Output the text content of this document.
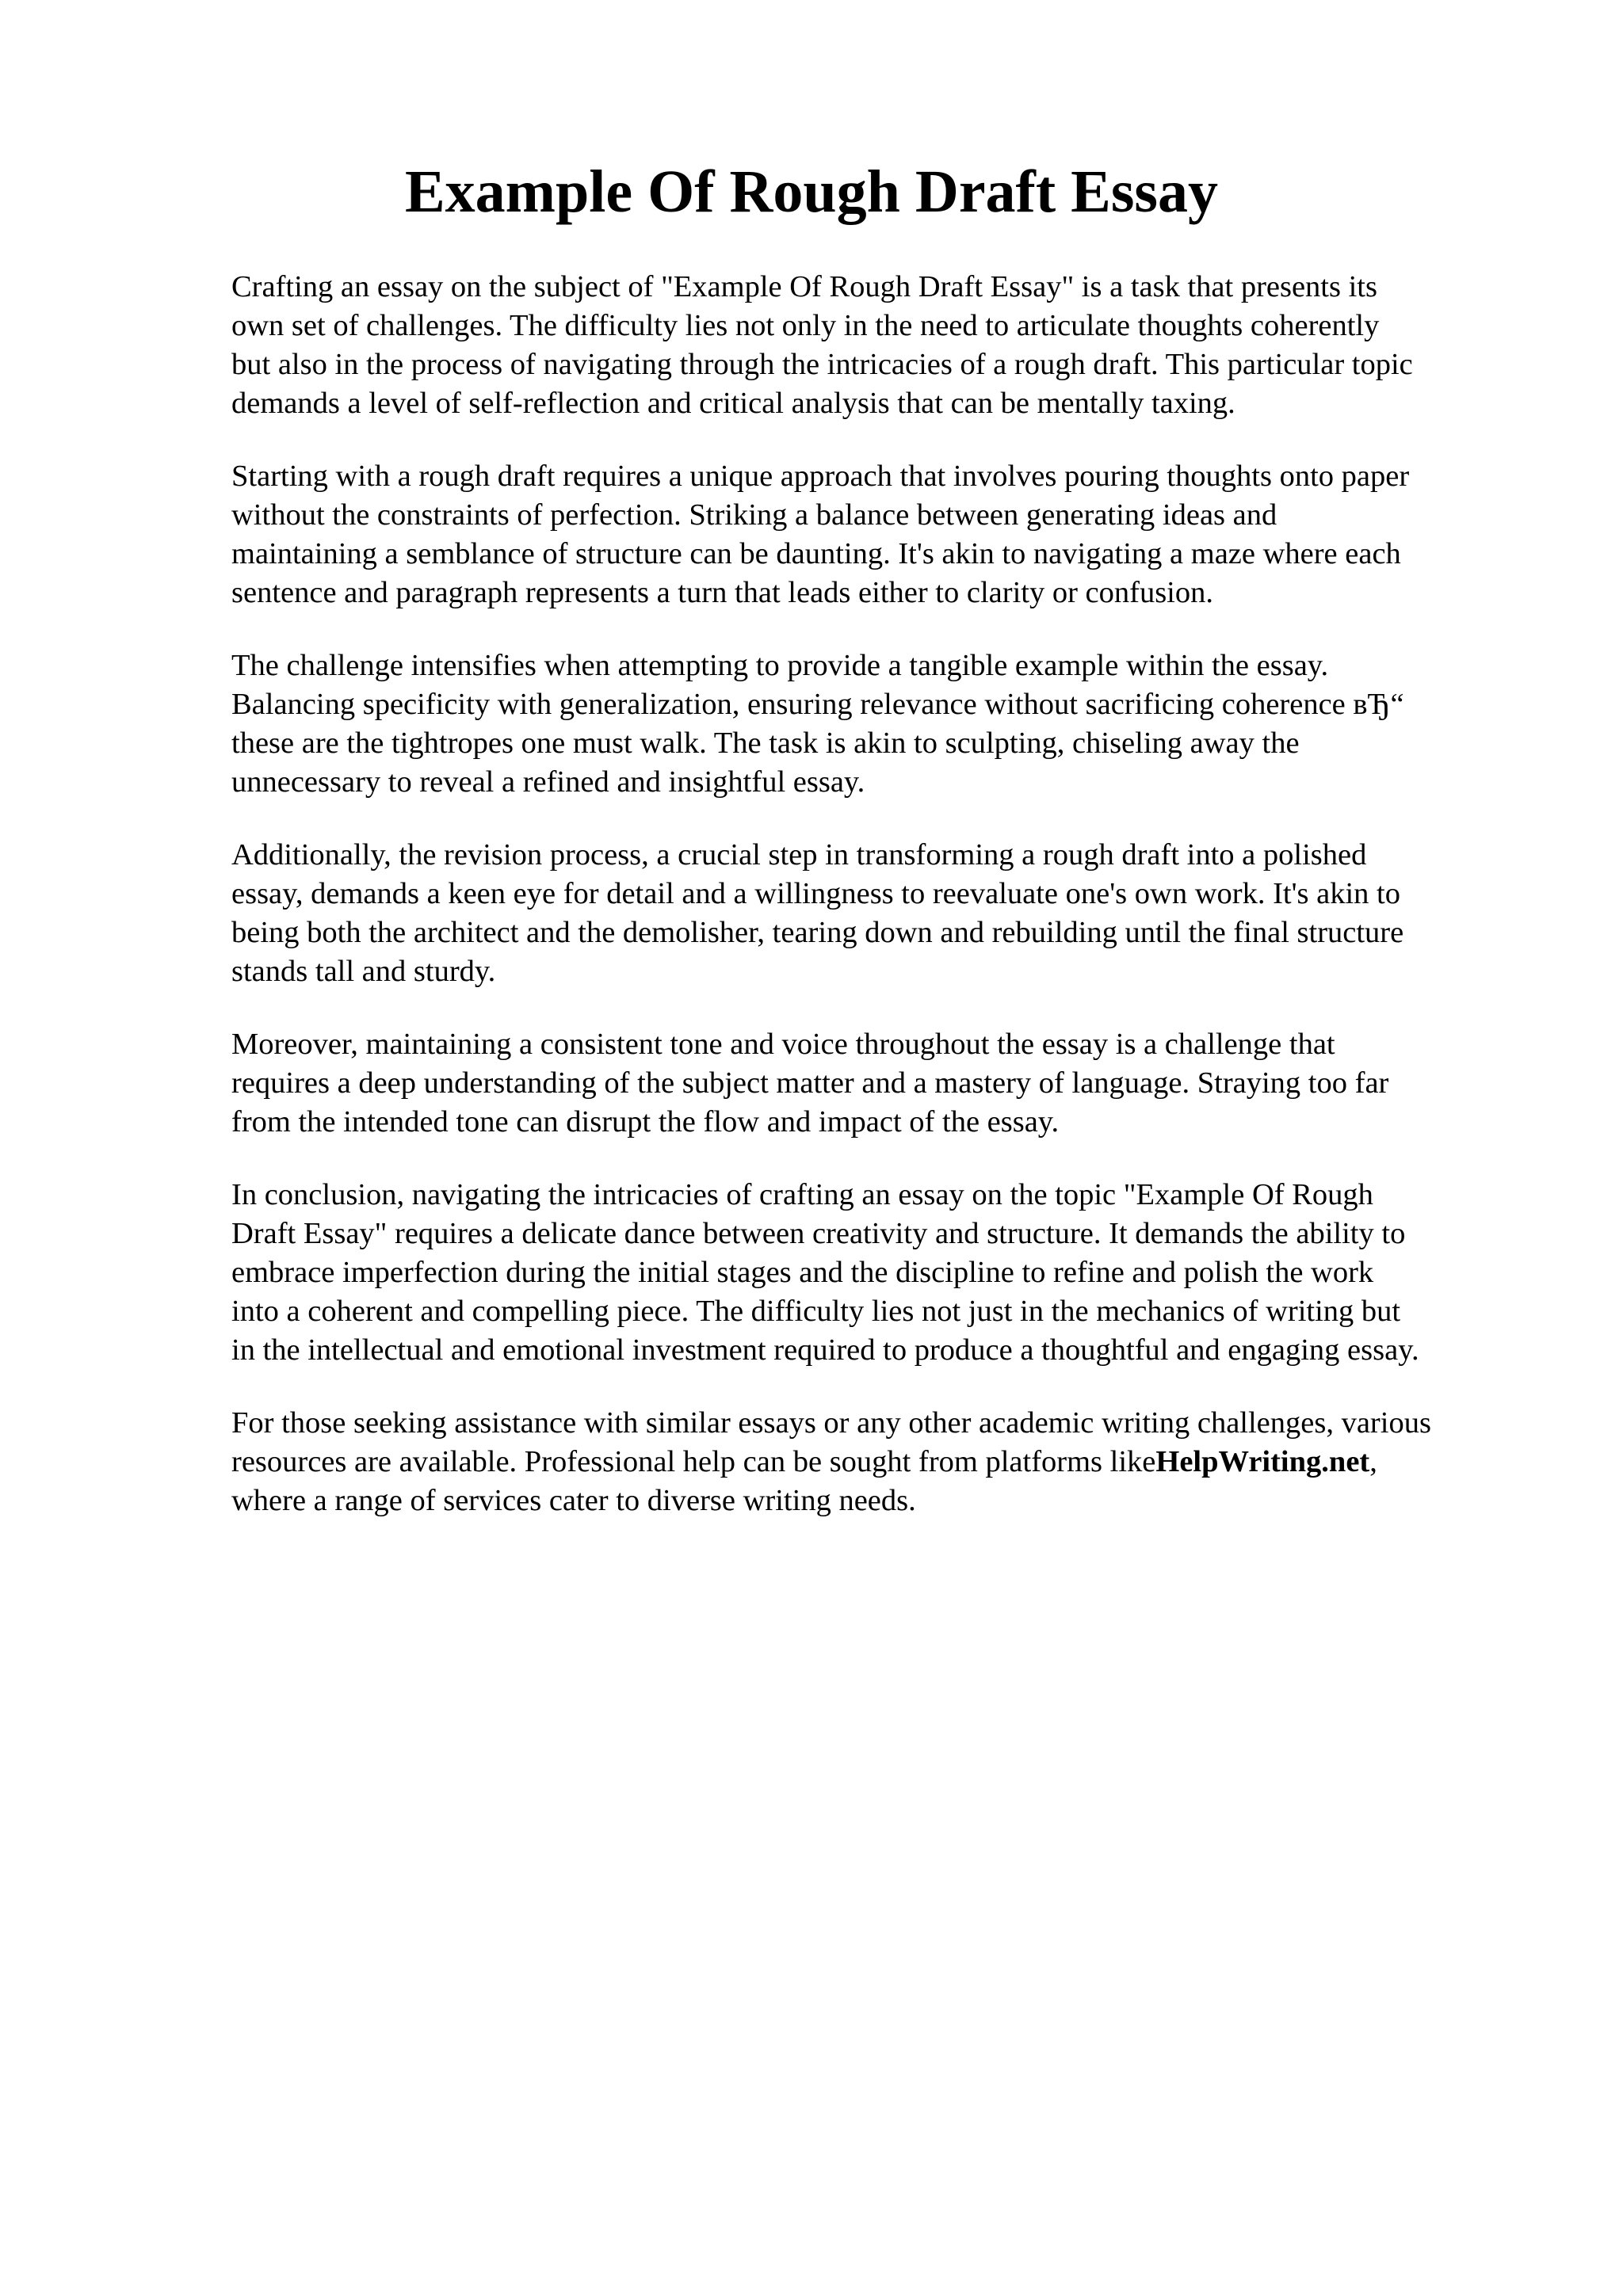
Example Of Rough Draft Essay

Crafting an essay on the subject of "Example Of Rough Draft Essay" is a task that presents its
own set of challenges. The difficulty lies not only in the need to articulate thoughts coherently
but also in the process of navigating through the intricacies of a rough draft. This particular topic
demands a level of self-reflection and critical analysis that can be mentally taxing.

Starting with a rough draft requires a unique approach that involves pouring thoughts onto paper
without the constraints of perfection. Striking a balance between generating ideas and
maintaining a semblance of structure can be daunting. It's akin to navigating a maze where each
sentence and paragraph represents a turn that leads either to clarity or confusion.

The challenge intensifies when attempting to provide a tangible example within the essay.
Balancing specificity with generalization, ensuring relevance without sacrificing coherence вЂ“
these are the tightropes one must walk. The task is akin to sculpting, chiseling away the
unnecessary to reveal a refined and insightful essay.

Additionally, the revision process, a crucial step in transforming a rough draft into a polished
essay, demands a keen eye for detail and a willingness to reevaluate one's own work. It's akin to
being both the architect and the demolisher, tearing down and rebuilding until the final structure
stands tall and sturdy.

Moreover, maintaining a consistent tone and voice throughout the essay is a challenge that
requires a deep understanding of the subject matter and a mastery of language. Straying too far
from the intended tone can disrupt the flow and impact of the essay.

In conclusion, navigating the intricacies of crafting an essay on the topic "Example Of Rough
Draft Essay" requires a delicate dance between creativity and structure. It demands the ability to
embrace imperfection during the initial stages and the discipline to refine and polish the work
into a coherent and compelling piece. The difficulty lies not just in the mechanics of writing but
in the intellectual and emotional investment required to produce a thoughtful and engaging essay.

For those seeking assistance with similar essays or any other academic writing challenges, various
resources are available. Professional help can be sought from platforms likeHelpWriting.net,
where a range of services cater to diverse writing needs.
